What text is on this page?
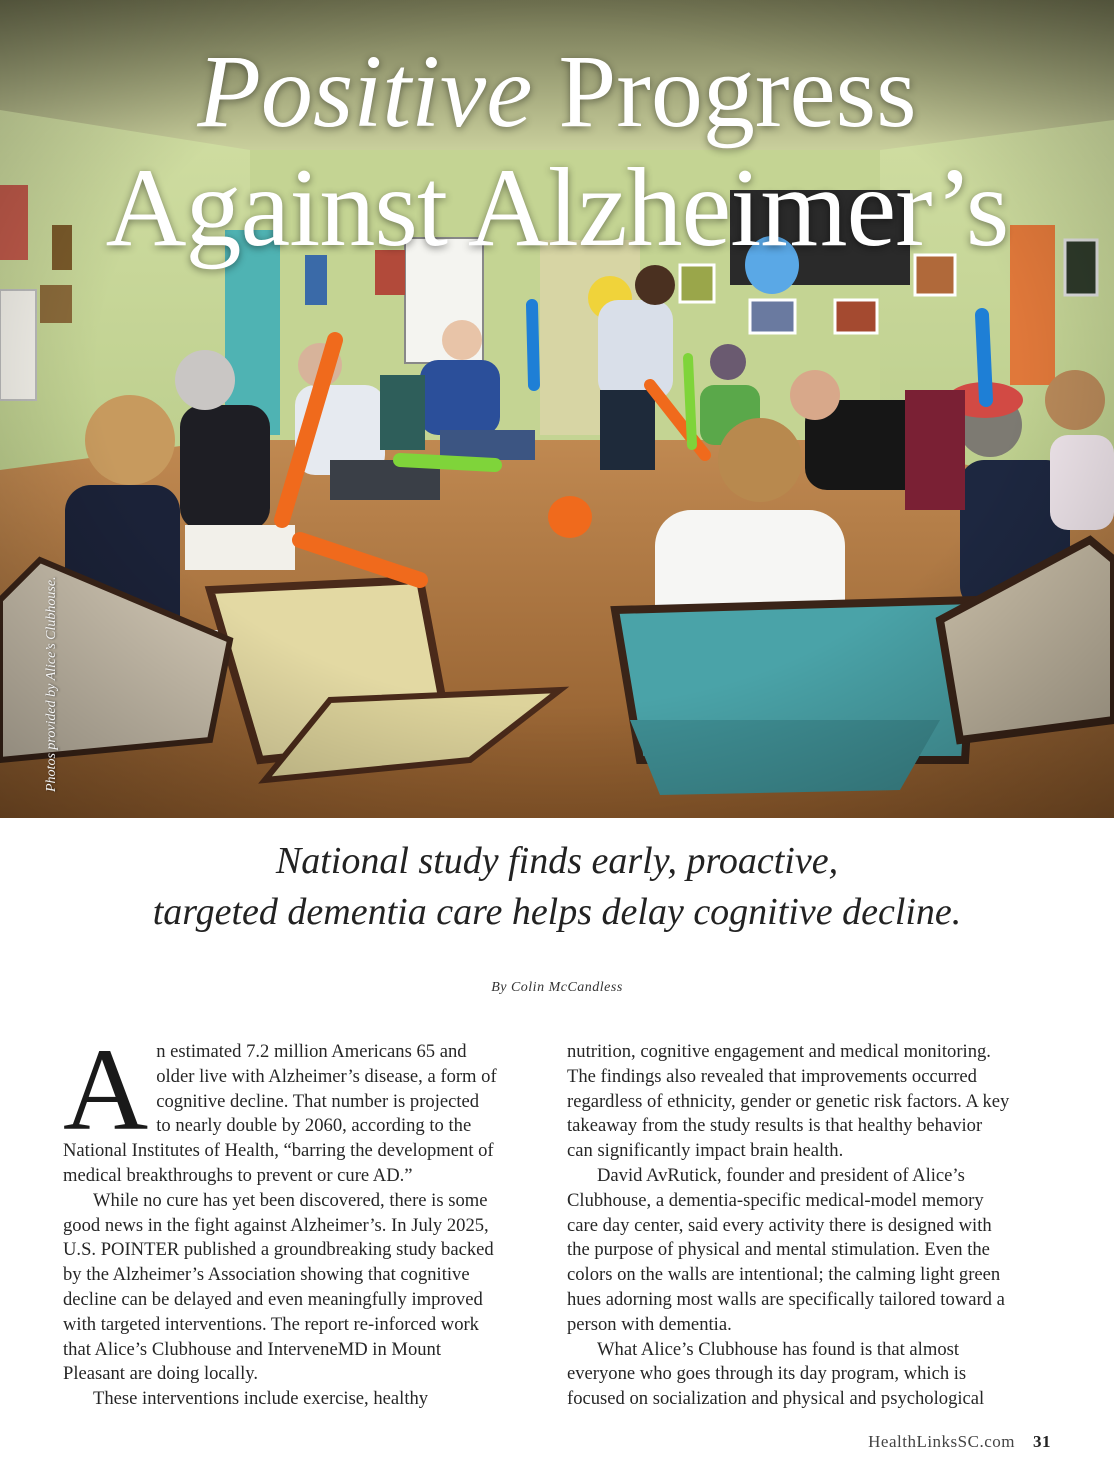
Positive Progress
Against Alzheimer’s
Photos provided by Alice’s Clubhouse.
National study finds early, proactive,
targeted dementia care helps delay cognitive decline.
By Colin McCandless

A n estimated 7.2 million Americans 65 and
older live with Alzheimer’s disease, a form of
cognitive decline. That number is projected
to nearly double by 2060, according to the
National Institutes of Health, “barring the development of
medical breakthroughs to prevent or cure AD.”

While no cure has yet been discovered, there is some
good news in the fight against Alzheimer’s. In July 2025,
U.S. POINTER published a groundbreaking study backed
by the Alzheimer’s Association showing that cognitive
decline can be delayed and even meaningfully improved
with targeted interventions. The report re-inforced work
that Alice’s Clubhouse and InterveneMD in Mount
Pleasant are doing locally.

These interventions include exercise, healthy

nutrition, cognitive engagement and medical monitoring.
The findings also revealed that improvements occurred
regardless of ethnicity, gender or genetic risk factors. A key
takeaway from the study results is that healthy behavior
can significantly impact brain health.

David AvRutick, founder and president of Alice’s
Clubhouse, a dementia-specific medical-model memory
care day center, said every activity there is designed with
the purpose of physical and mental stimulation. Even the
colors on the walls are intentional; the calming light green
hues adorning most walls are specifically tailored toward a
person with dementia.

What Alice’s Clubhouse has found is that almost
everyone who goes through its day program, which is
focused on socialization and physical and psychological

HealthLinksSC.com 31
